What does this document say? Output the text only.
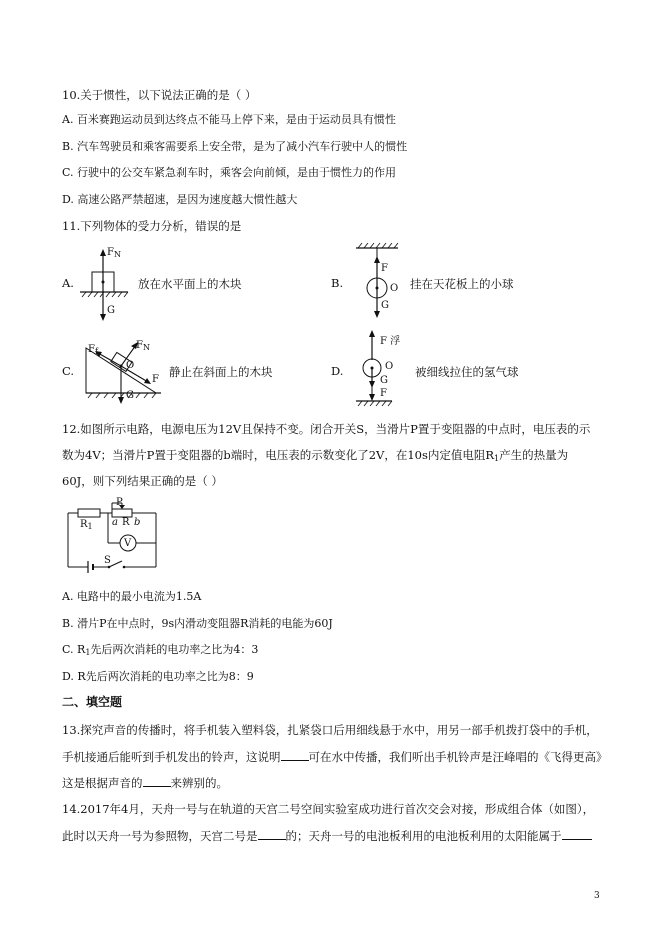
10.关于惯性，以下说法正确的是（ ）
A. 百米赛跑运动员到达终点不能马上停下来，是由于运动员具有惯性
B. 汽车驾驶员和乘客需要系上安全带，是为了减小汽车行驶中人的惯性
C. 行驶中的公交车紧急刹车时，乘客会向前倾，是由于惯性力的作用
D. 高速公路严禁超速，是因为速度越大惯性越大
11.下列物体的受力分析，错误的是
A.
$F_N$
G
放在水平面上的木块	B.
F
O
G
挂在天花板上的小球
C.
$F_f$
$F_N$
O
F
G
静止在斜面上的木块	D.
F 浮
O
G
F
被细线拉住的氢气球
12.如图所示电路，电源电压为12V且保持不变。闭合开关S，当滑片P置于变阻器的中点时，电压表的示
数为4V；当滑片P置于变阻器的b端时，电压表的示数变化了2V，在10s内定值电阻$R_1$产生的热量为
60J，则下列结果正确的是（ ）
$R_1$
P
a R b
V
S
A. 电路中的最小电流为1.5A
B. 滑片P在中点时，9s内滑动变阻器R消耗的电能为60J
C. $R_1$先后两次消耗的电功率之比为4：3
D. R先后两次消耗的电功率之比为8：9
二、填空题
13.探究声音的传播时，将手机装入塑料袋，扎紧袋口后用细线悬于水中，用另一部手机拨打袋中的手机，
手机接通后能听到手机发出的铃声，这说明 可在水中传播，我们听出手机铃声是汪峰唱的《飞得更高》
这是根据声音的 来辨别的。
14.2017年4月，天舟一号与在轨道的天宫二号空间实验室成功进行首次交会对接，形成组合体（如图），
此时以天舟一号为参照物，天宫二号是 的；天舟一号的电池板利用的电池板利用的太阳能属于
3
